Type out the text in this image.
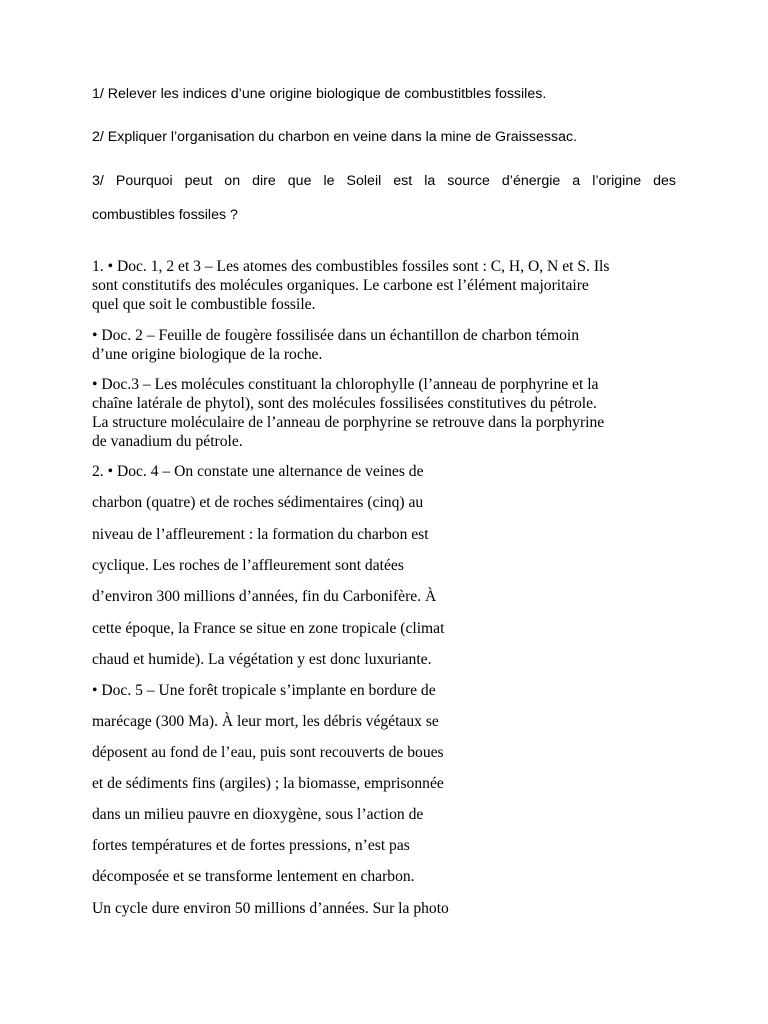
1/ Relever les indices d’une origine biologique de combustitbles fossiles.
2/ Expliquer l’organisation du charbon en veine dans la mine de Graissessac.
3/ Pourquoi peut on dire que le Soleil est la source d’énergie a l’origine des
combustibles fossiles ?
1. • Doc. 1, 2 et 3 – Les atomes des combustibles fossiles sont : C, H, O, N et S. Ils
sont constitutifs des molécules organiques. Le carbone est l’élément majoritaire
quel que soit le combustible fossile.
• Doc. 2 – Feuille de fougère fossilisée dans un échantillon de charbon témoin
d’une origine biologique de la roche.
• Doc.3 – Les molécules constituant la chlorophylle (l’anneau de porphyrine et la
chaîne latérale de phytol), sont des molécules fossilisées constitutives du pétrole.
La structure moléculaire de l’anneau de porphyrine se retrouve dans la porphyrine
de vanadium du pétrole.
2. • Doc. 4 – On constate une alternance de veines de
charbon (quatre) et de roches sédimentaires (cinq) au
niveau de l’affleurement : la formation du charbon est
cyclique. Les roches de l’affleurement sont datées
d’environ 300 millions d’années, fin du Carbonifère. À
cette époque, la France se situe en zone tropicale (climat
chaud et humide). La végétation y est donc luxuriante.
• Doc. 5 – Une forêt tropicale s’implante en bordure de
marécage (300 Ma). À leur mort, les débris végétaux se
déposent au fond de l’eau, puis sont recouverts de boues
et de sédiments fins (argiles) ; la biomasse, emprisonnée
dans un milieu pauvre en dioxygène, sous l’action de
fortes températures et de fortes pressions, n’est pas
décomposée et se transforme lentement en charbon.
Un cycle dure environ 50 millions d’années. Sur la photo
